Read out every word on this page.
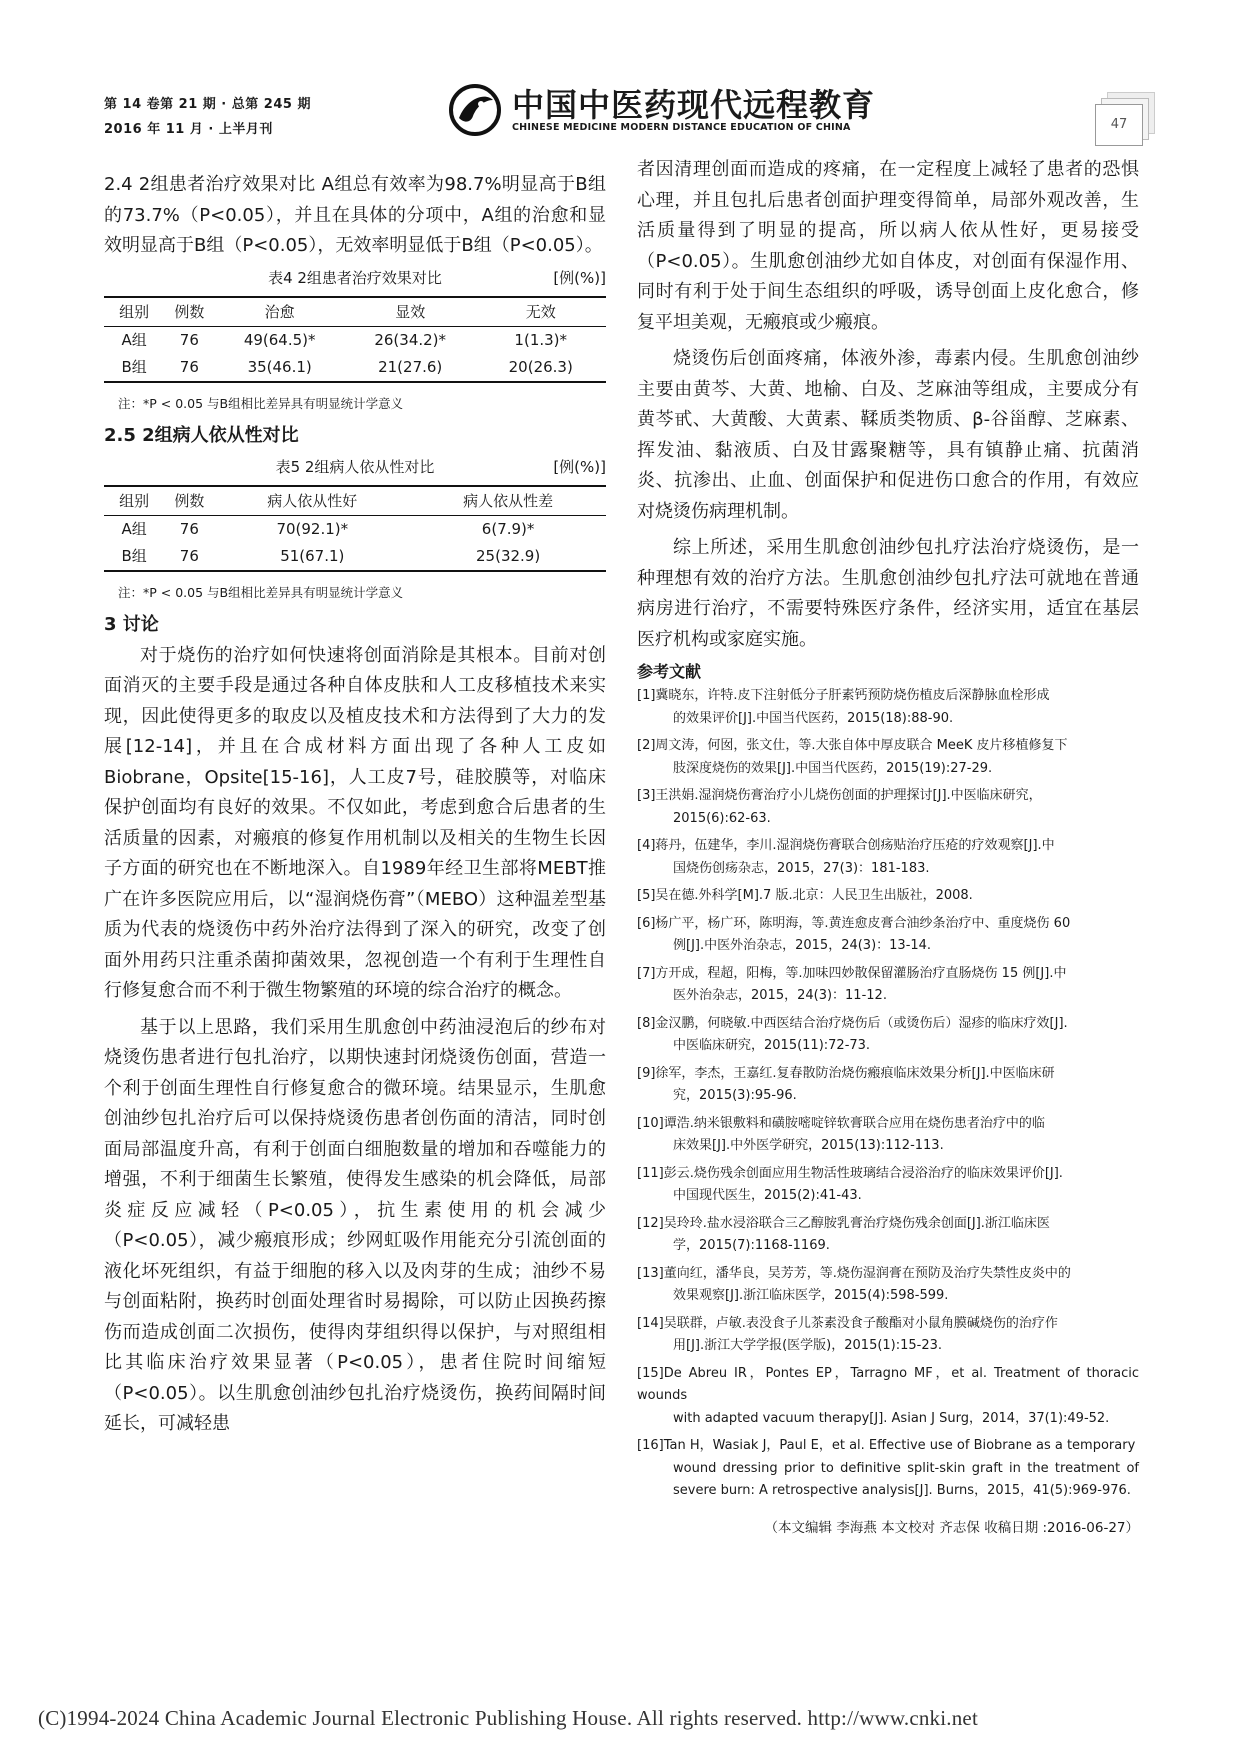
第 14 卷第 21 期 · 总第 245 期
2016 年 11 月 · 上半月刊
中国中医药现代远程教育
CHINESE MEDICINE MODERN DISTANCE EDUCATION OF CHINA	47

2.4 2组患者治疗效果对比 A组总有效率为98.7%明显高于B组的73.7%（P<0.05），并且在具体的分项中，A组的治愈和显效明显高于B组（P<0.05），无效率明显低于B组（P<0.05）。

表4 2组患者治疗效果对比	[例(%)]
组别	例数	治愈	显效	无效
A组	76	49(64.5)*	26(34.2)*	1(1.3)*
B组	76	35(46.1)	21(27.6)	20(26.3)
注：*P < 0.05 与B组相比差异具有明显统计学意义

2.5 2组病人依从性对比

表5 2组病人依从性对比	[例(%)]
组别	例数	病人依从性好	病人依从性差
A组	76	70(92.1)*	6(7.9)*
B组	76	51(67.1)	25(32.9)
注：*P < 0.05 与B组相比差异具有明显统计学意义

3 讨论

对于烧伤的治疗如何快速将创面消除是其根本。目前对创面消灭的主要手段是通过各种自体皮肤和人工皮移植技术来实现，因此使得更多的取皮以及植皮技术和方法得到了大力的发展[12-14]，并且在合成材料方面出现了各种人工皮如Biobrane，Opsite[15-16]，人工皮7号，硅胶膜等，对临床保护创面均有良好的效果。不仅如此，考虑到愈合后患者的生活质量的因素，对瘢痕的修复作用机制以及相关的生物生长因子方面的研究也在不断地深入。自1989年经卫生部将MEBT推广在许多医院应用后，以“湿润烧伤膏”（MEBO）这种温差型基质为代表的烧烫伤中药外治疗法得到了深入的研究，改变了创面外用药只注重杀菌抑菌效果，忽视创造一个有利于生理性自行修复愈合而不利于微生物繁殖的环境的综合治疗的概念。

基于以上思路，我们采用生肌愈创中药油浸泡后的纱布对烧烫伤患者进行包扎治疗，以期快速封闭烧烫伤创面，营造一个利于创面生理性自行修复愈合的微环境。结果显示，生肌愈创油纱包扎治疗后可以保持烧烫伤患者创伤面的清洁，同时创面局部温度升高，有利于创面白细胞数量的增加和吞噬能力的增强，不利于细菌生长繁殖，使得发生感染的机会降低，局部炎症反应减轻（P<0.05），抗生素使用的机会减少（P<0.05），减少瘢痕形成；纱网虹吸作用能充分引流创面的液化坏死组织，有益于细胞的移入以及肉芽的生成；油纱不易与创面粘附，换药时创面处理省时易揭除，可以防止因换药擦伤而造成创面二次损伤，使得肉芽组织得以保护，与对照组相比其临床治疗效果显著（P<0.05），患者住院时间缩短（P<0.05）。以生肌愈创油纱包扎治疗烧烫伤，换药间隔时间延长，可减轻患

者因清理创面而造成的疼痛，在一定程度上减轻了患者的恐惧心理，并且包扎后患者创面护理变得简单，局部外观改善，生活质量得到了明显的提高，所以病人依从性好，更易接受（P<0.05）。生肌愈创油纱尤如自体皮，对创面有保湿作用、同时有利于处于间生态组织的呼吸，诱导创面上皮化愈合，修复平坦美观，无瘢痕或少瘢痕。

烧烫伤后创面疼痛，体液外渗，毒素内侵。生肌愈创油纱主要由黄芩、大黄、地榆、白及、芝麻油等组成，主要成分有黄芩甙、大黄酸、大黄素、鞣质类物质、β-谷甾醇、芝麻素、挥发油、黏液质、白及甘露聚糖等，具有镇静止痛、抗菌消炎、抗渗出、止血、创面保护和促进伤口愈合的作用，有效应对烧烫伤病理机制。

综上所述，采用生肌愈创油纱包扎疗法治疗烧烫伤，是一种理想有效的治疗方法。生肌愈创油纱包扎疗法可就地在普通病房进行治疗，不需要特殊医疗条件，经济实用，适宜在基层医疗机构或家庭实施。

参考文献
[1]冀晓东，许特.皮下注射低分子肝素钙预防烧伤植皮后深静脉血栓形成
的效果评价[J].中国当代医药，2015(18):88-90.
[2]周文涛，何囡，张文仕，等.大张自体中厚皮联合 MeeK 皮片移植修复下
肢深度烧伤的效果[J].中国当代医药，2015(19):27-29.
[3]王洪娟.湿润烧伤膏治疗小儿烧伤创面的护理探讨[J].中医临床研究，
2015(6):62-63.
[4]蒋丹，伍建华，李川.湿润烧伤膏联合创疡贴治疗压疮的疗效观察[J].中
国烧伤创疡杂志，2015，27(3)：181-183.
[5]吴在德.外科学[M].7 版.北京：人民卫生出版社，2008.
[6]杨广平，杨广环，陈明海，等.黄连愈皮膏合油纱条治疗中、重度烧伤 60
例[J].中医外治杂志，2015，24(3)：13-14.
[7]方开成，程超，阳梅，等.加味四妙散保留灌肠治疗直肠烧伤 15 例[J].中
医外治杂志，2015，24(3)：11-12.
[8]金汉鹏，何晓敏.中西医结合治疗烧伤后（或烫伤后）湿疹的临床疗效[J].
中医临床研究，2015(11):72-73.
[9]徐军，李杰，王嘉红.复春散防治烧伤瘢痕临床效果分析[J].中医临床研
究，2015(3):95-96.
[10]谭浩.纳米银敷料和磺胺嘧啶锌软膏联合应用在烧伤患者治疗中的临
床效果[J].中外医学研究，2015(13):112-113.
[11]彭云.烧伤残余创面应用生物活性玻璃结合浸浴治疗的临床效果评价[J].
中国现代医生，2015(2):41-43.
[12]吴玲玲.盐水浸浴联合三乙醇胺乳膏治疗烧伤残余创面[J].浙江临床医
学，2015(7):1168-1169.
[13]董向红，潘华良，吴芳芳，等.烧伤湿润膏在预防及治疗失禁性皮炎中的
效果观察[J].浙江临床医学，2015(4):598-599.
[14]吴联群，卢敏.表没食子儿茶素没食子酸酯对小鼠角膜碱烧伤的治疗作
用[J].浙江大学学报(医学版)，2015(1):15-23.
[15]De Abreu IR，Pontes EP，Tarragno MF，et al. Treatment of thoracic wounds
with adapted vacuum therapy[J]. Asian J Surg，2014，37(1):49-52.
[16]Tan H，Wasiak J，Paul E，et al. Effective use of Biobrane as a temporary
wound dressing prior to definitive split-skin graft in the treatment of severe burn: A retrospective analysis[J]. Burns，2015，41(5):969-976.
（本文编辑 李海燕 本文校对 齐志保 收稿日期 :2016-06-27）
(C)1994-2024 China Academic Journal Electronic Publishing House. All rights reserved. http://www.cnki.net
